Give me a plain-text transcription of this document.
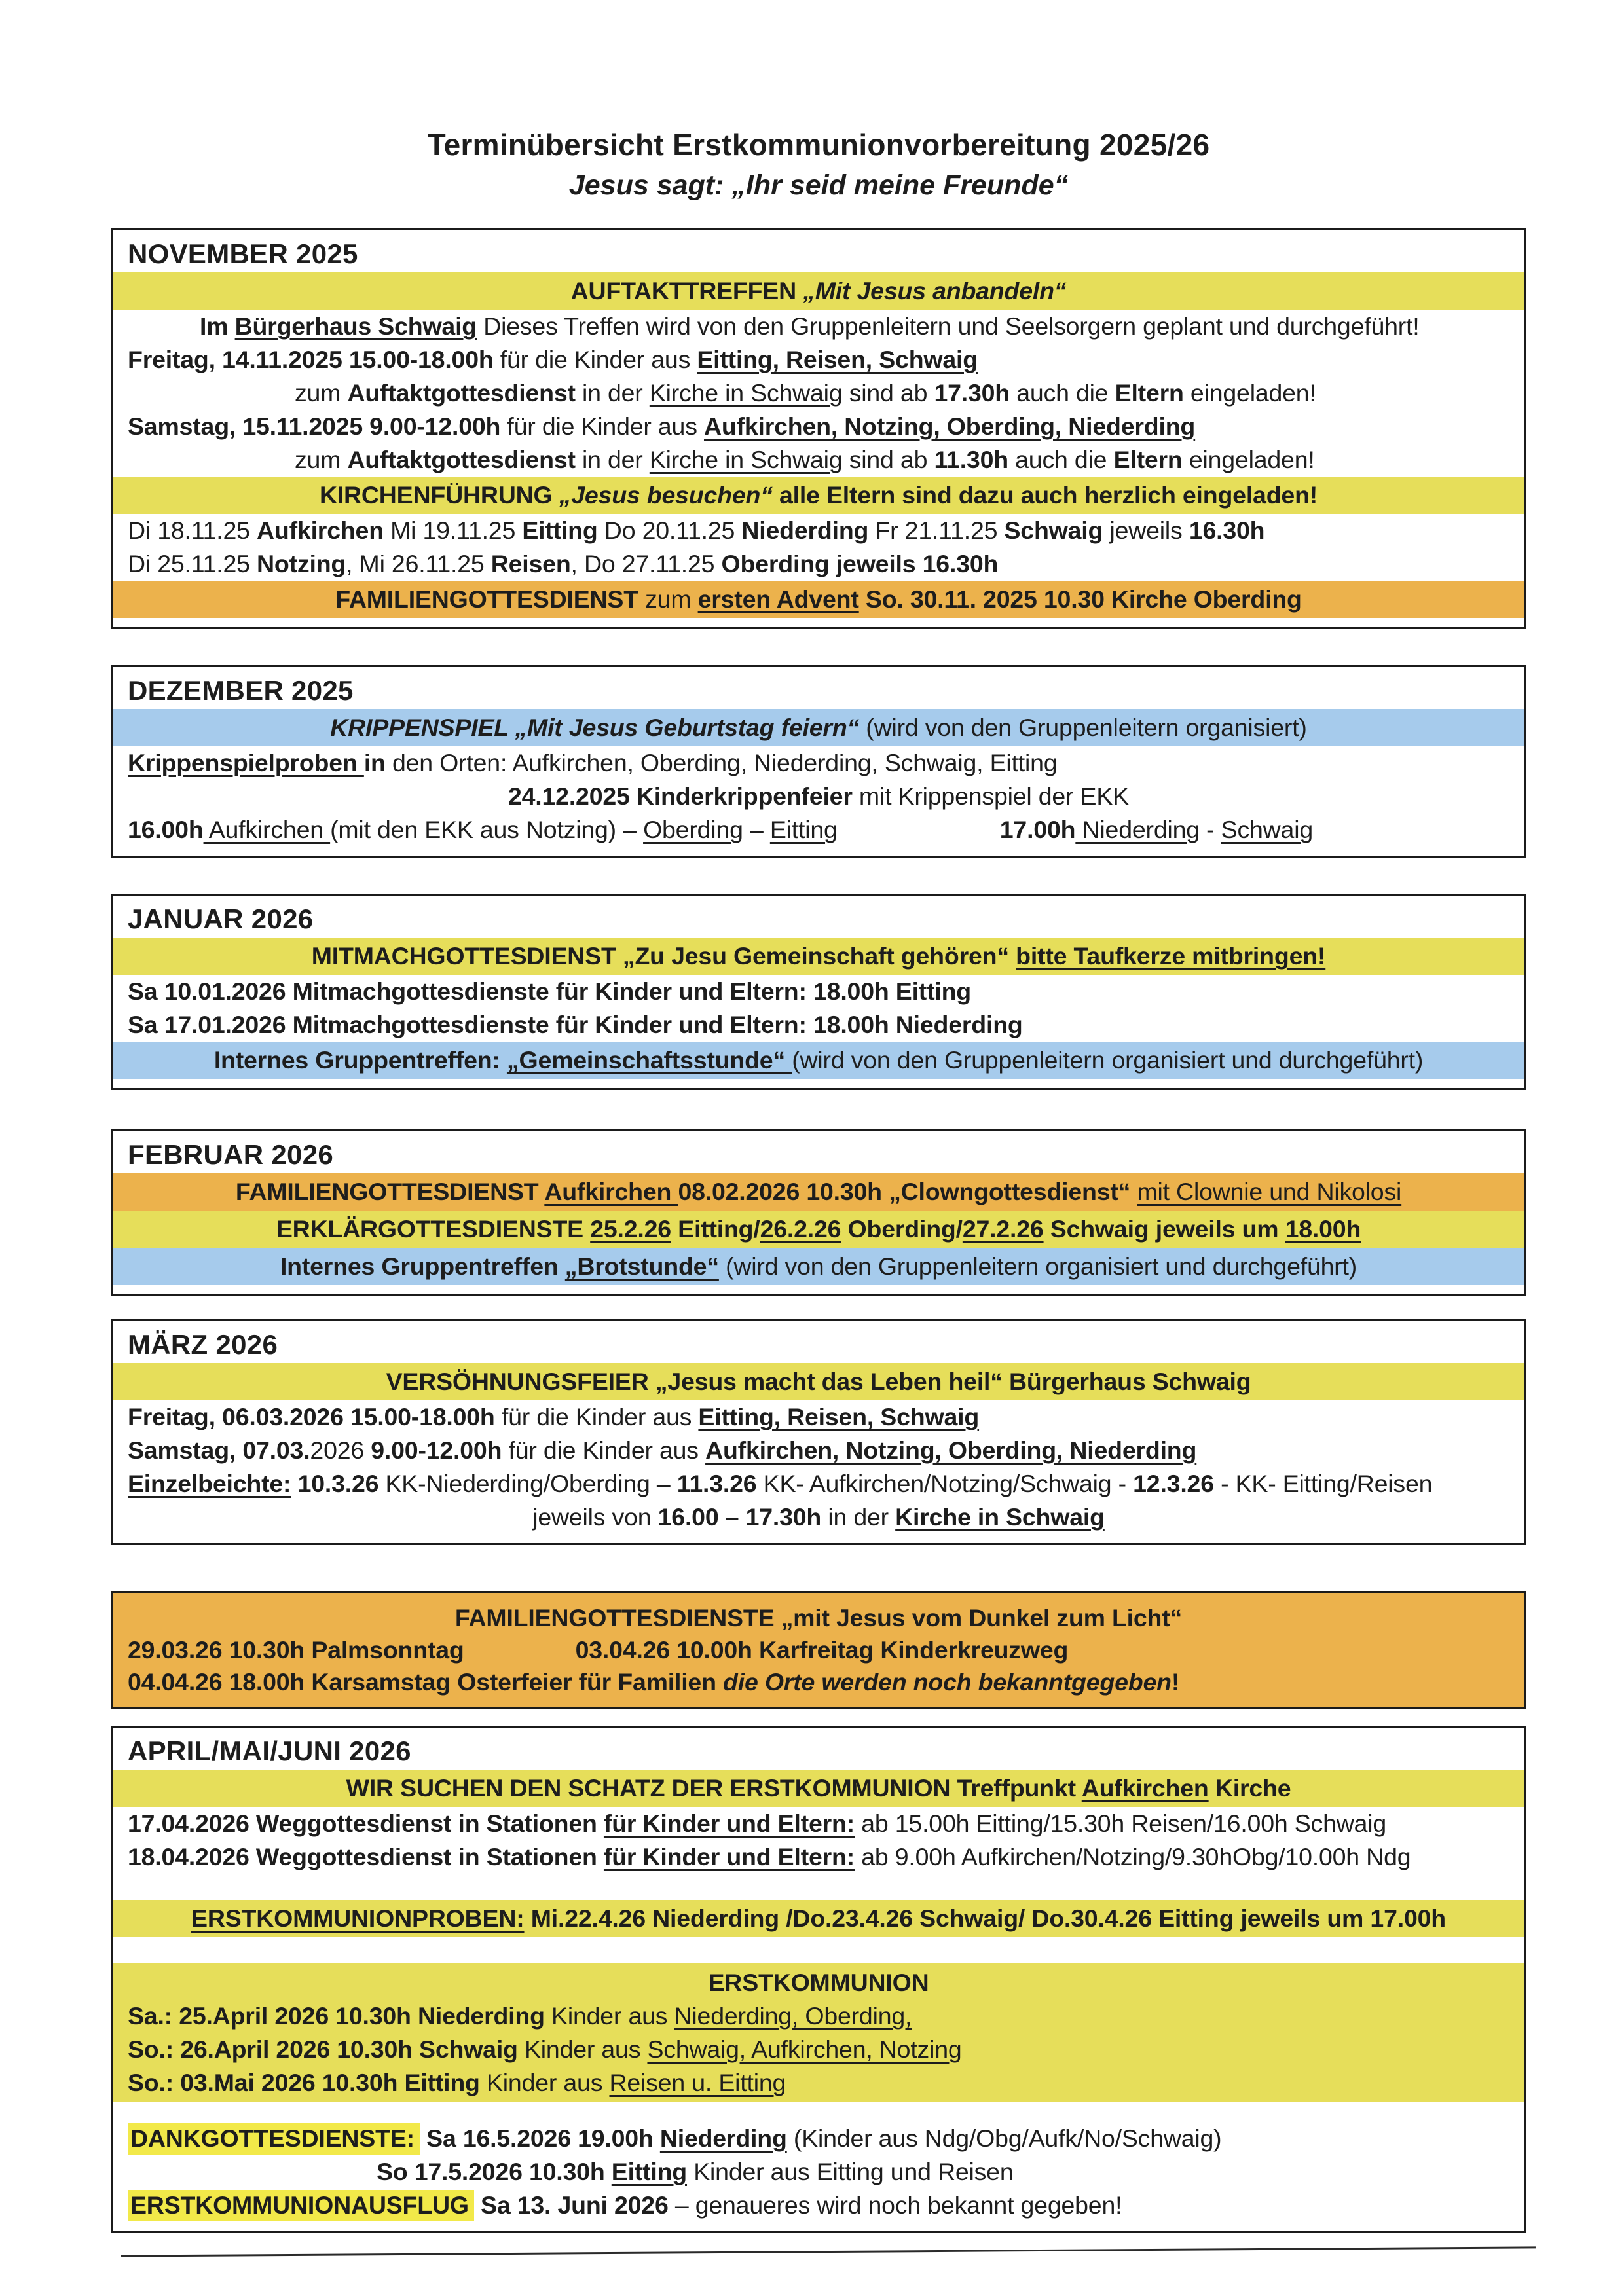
Terminübersicht Erstkommunionvorbereitung 2025/26
Jesus sagt: „Ihr seid meine Freunde“
NOVEMBER 2025
AUFTAKTTREFFEN „Mit Jesus anbandeln“
Im Bürgerhaus Schwaig Dieses Treffen wird von den Gruppenleitern und Seelsorgern geplant und durchgeführt!
Freitag, 14.11.2025 15.00-18.00h für die Kinder aus Eitting, Reisen, Schwaig
zum Auftaktgottesdienst in der Kirche in Schwaig sind ab 17.30h auch die Eltern eingeladen!
Samstag, 15.11.2025 9.00-12.00h für die Kinder aus Aufkirchen, Notzing, Oberding, Niederding
zum Auftaktgottesdienst in der Kirche in Schwaig sind ab 11.30h auch die Eltern eingeladen!
KIRCHENFÜHRUNG „Jesus besuchen“ alle Eltern sind dazu auch herzlich eingeladen!
Di 18.11.25 Aufkirchen Mi 19.11.25 Eitting Do 20.11.25 Niederding Fr 21.11.25 Schwaig jeweils 16.30h
Di 25.11.25 Notzing, Mi 26.11.25 Reisen, Do 27.11.25 Oberding jeweils 16.30h
FAMILIENGOTTESDIENST zum ersten Advent So. 30.11. 2025 10.30 Kirche Oberding
DEZEMBER 2025
KRIPPENSPIEL „Mit Jesus Geburtstag feiern“ (wird von den Gruppenleitern organisiert)
Krippenspielproben in den Orten: Aufkirchen, Oberding, Niederding, Schwaig, Eitting
24.12.2025 Kinderkrippenfeier mit Krippenspiel der EKK
16.00h Aufkirchen (mit den EKK aus Notzing) – Oberding – Eitting	17.00h Niederding - Schwaig
JANUAR 2026
MITMACHGOTTESDIENST „Zu Jesu Gemeinschaft gehören“ bitte Taufkerze mitbringen!
Sa 10.01.2026 Mitmachgottesdienste für Kinder und Eltern: 18.00h Eitting
Sa 17.01.2026 Mitmachgottesdienste für Kinder und Eltern: 18.00h Niederding
Internes Gruppentreffen: „Gemeinschaftsstunde“ (wird von den Gruppenleitern organisiert und durchgeführt)
FEBRUAR 2026
FAMILIENGOTTESDIENST Aufkirchen 08.02.2026 10.30h „Clowngottesdienst“ mit Clownie und Nikolosi
ERKLÄRGOTTESDIENSTE 25.2.26 Eitting/26.2.26 Oberding/27.2.26 Schwaig jeweils um 18.00h
Internes Gruppentreffen „Brotstunde“ (wird von den Gruppenleitern organisiert und durchgeführt)
MÄRZ 2026
VERSÖHNUNGSFEIER „Jesus macht das Leben heil“ Bürgerhaus Schwaig
Freitag, 06.03.2026 15.00-18.00h für die Kinder aus Eitting, Reisen, Schwaig
Samstag, 07.03.2026 9.00-12.00h für die Kinder aus Aufkirchen, Notzing, Oberding, Niederding
Einzelbeichte: 10.3.26 KK-Niederding/Oberding – 11.3.26 KK- Aufkirchen/Notzing/Schwaig - 12.3.26 - KK- Eitting/Reisen
jeweils von 16.00 – 17.30h in der Kirche in Schwaig
FAMILIENGOTTESDIENSTE „mit Jesus vom Dunkel zum Licht“
29.03.26 10.30h Palmsonntag	03.04.26 10.00h Karfreitag Kinderkreuzweg
04.04.26 18.00h Karsamstag Osterfeier für Familien die Orte werden noch bekanntgegeben!
APRIL/MAI/JUNI 2026
WIR SUCHEN DEN SCHATZ DER ERSTKOMMUNION Treffpunkt Aufkirchen Kirche
17.04.2026 Weggottesdienst in Stationen für Kinder und Eltern: ab 15.00h Eitting/15.30h Reisen/16.00h Schwaig
18.04.2026 Weggottesdienst in Stationen für Kinder und Eltern: ab 9.00h Aufkirchen/Notzing/9.30hObg/10.00h Ndg
ERSTKOMMUNIONPROBEN: Mi.22.4.26 Niederding /Do.23.4.26 Schwaig/ Do.30.4.26 Eitting jeweils um 17.00h
ERSTKOMMUNION
Sa.: 25.April 2026 10.30h Niederding Kinder aus Niederding, Oberding,
So.: 26.April 2026 10.30h Schwaig Kinder aus Schwaig, Aufkirchen, Notzing
So.: 03.Mai 2026 10.30h Eitting Kinder aus Reisen u. Eitting
DANKGOTTESDIENSTE: Sa 16.5.2026 19.00h Niederding (Kinder aus Ndg/Obg/Aufk/No/Schwaig)
So 17.5.2026 10.30h Eitting Kinder aus Eitting und Reisen
ERSTKOMMUNIONAUSFLUG Sa 13. Juni 2026 – genaueres wird noch bekannt gegeben!
